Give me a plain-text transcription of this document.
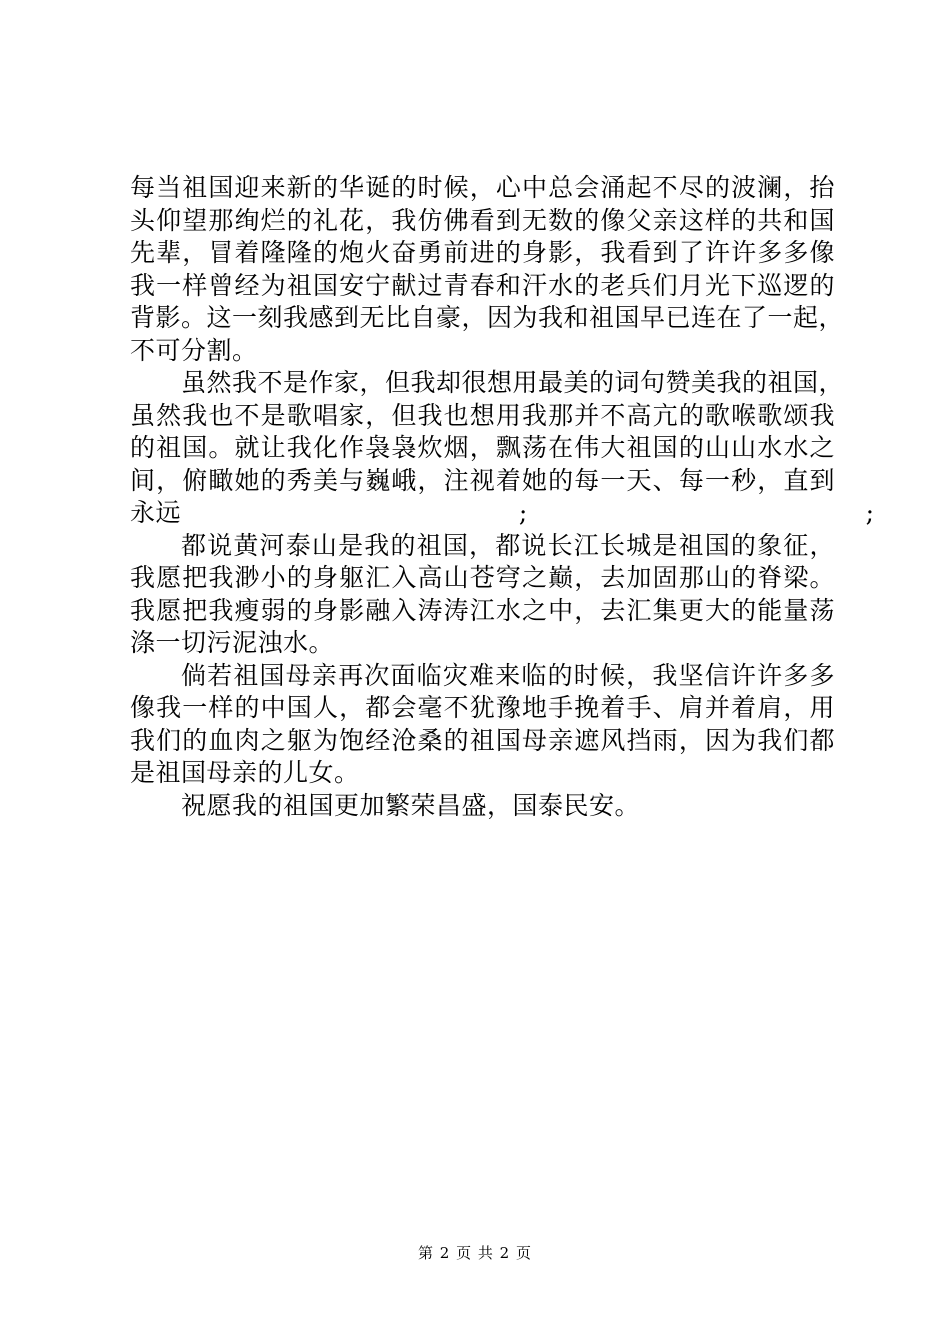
每当祖国迎来新的华诞的时候，心中总会涌起不尽的波澜，抬
头仰望那绚烂的礼花，我仿佛看到无数的像父亲这样的共和国
先辈，冒着隆隆的炮火奋勇前进的身影，我看到了许许多多像
我一样曾经为祖国安宁献过青春和汗水的老兵们月光下巡逻的
背影。这一刻我感到无比自豪，因为我和祖国早已连在了一起，
不可分割。
虽然我不是作家，但我却很想用最美的词句赞美我的祖国，
虽然我也不是歌唱家，但我也想用我那并不高亢的歌喉歌颂我
的祖国。就让我化作袅袅炊烟，飘荡在伟大祖国的山山水水之
间，俯瞰她的秀美与巍峨，注视着她的每一天、每一秒，直到
永远                                        ;                                        ;
都说黄河泰山是我的祖国，都说长江长城是祖国的象征，
我愿把我渺小的身躯汇入高山苍穹之巅，去加固那山的脊梁。
我愿把我瘦弱的身影融入涛涛江水之中，去汇集更大的能量荡
涤一切污泥浊水。
倘若祖国母亲再次面临灾难来临的时候，我坚信许许多多
像我一样的中国人，都会毫不犹豫地手挽着手、肩并着肩，用
我们的血肉之躯为饱经沧桑的祖国母亲遮风挡雨，因为我们都
是祖国母亲的儿女。
祝愿我的祖国更加繁荣昌盛，国泰民安。
第 2 页 共 2 页
